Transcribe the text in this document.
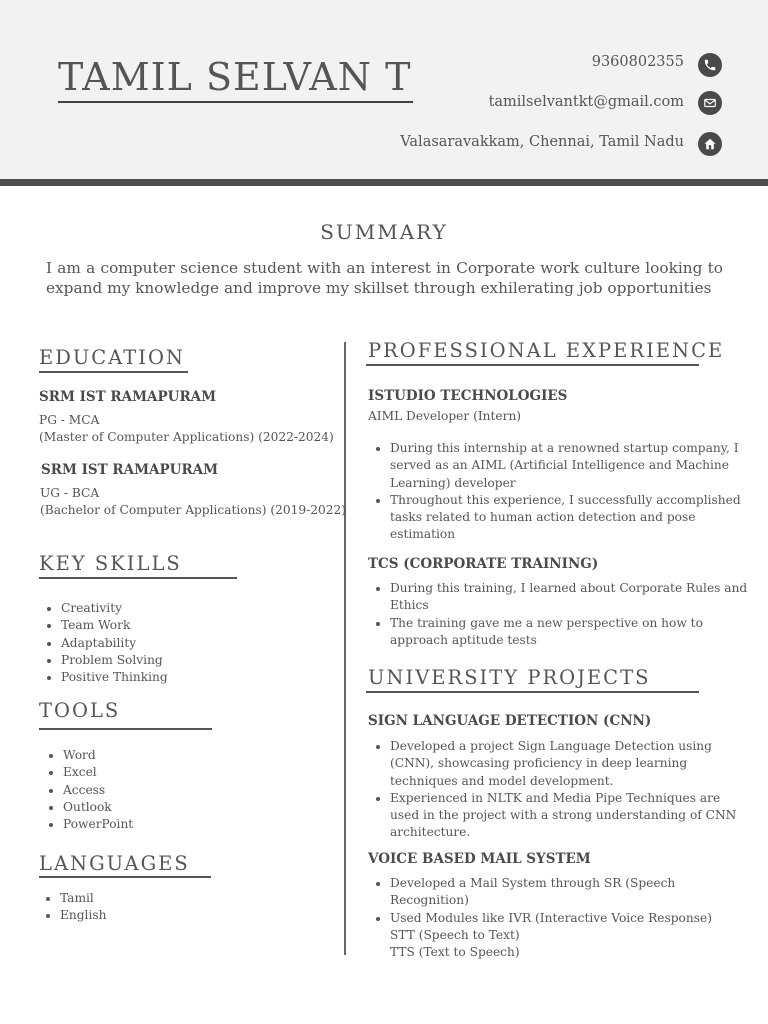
TAMIL SELVAN T	9360802355
tamilselvantkt@gmail.com
Valasaravakkam, Chennai, Tamil Nadu
SUMMARY
I am a computer science student with an interest in Corporate work culture looking to expand my knowledge and improve my skillset through exhilerating job opportunities
EDUCATION
SRM IST RAMAPURAM
PG - MCA
(Master of Computer Applications) (2022-2024)
SRM IST RAMAPURAM
UG - BCA
(Bachelor of Computer Applications) (2019-2022)
KEY SKILLS
• Creativity
• Team Work
• Adaptability
• Problem Solving
• Positive Thinking
TOOLS
• Word
• Excel
• Access
• Outlook
• PowerPoint
LANGUAGES
• Tamil
• English
PROFESSIONAL EXPERIENCE
ISTUDIO TECHNOLOGIES
AIML Developer (Intern)
• During this internship at a renowned startup company, I served as an AIML (Artificial Intelligence and Machine Learning) developer
• Throughout this experience, I successfully accomplished tasks related to human action detection and pose estimation
TCS (CORPORATE TRAINING)
• During this training, I learned about Corporate Rules and Ethics
• The training gave me a new perspective on how to approach aptitude tests
UNIVERSITY PROJECTS
SIGN LANGUAGE DETECTION (CNN)
• Developed a project Sign Language Detection using (CNN), showcasing proficiency in deep learning techniques and model development.
• Experienced in NLTK and Media Pipe Techniques are used in the project with a strong understanding of CNN architecture.
VOICE BASED MAIL SYSTEM
• Developed a Mail System through SR (Speech Recognition)
• Used Modules like IVR (Interactive Voice Response)
STT (Speech to Text)
TTS (Text to Speech)
